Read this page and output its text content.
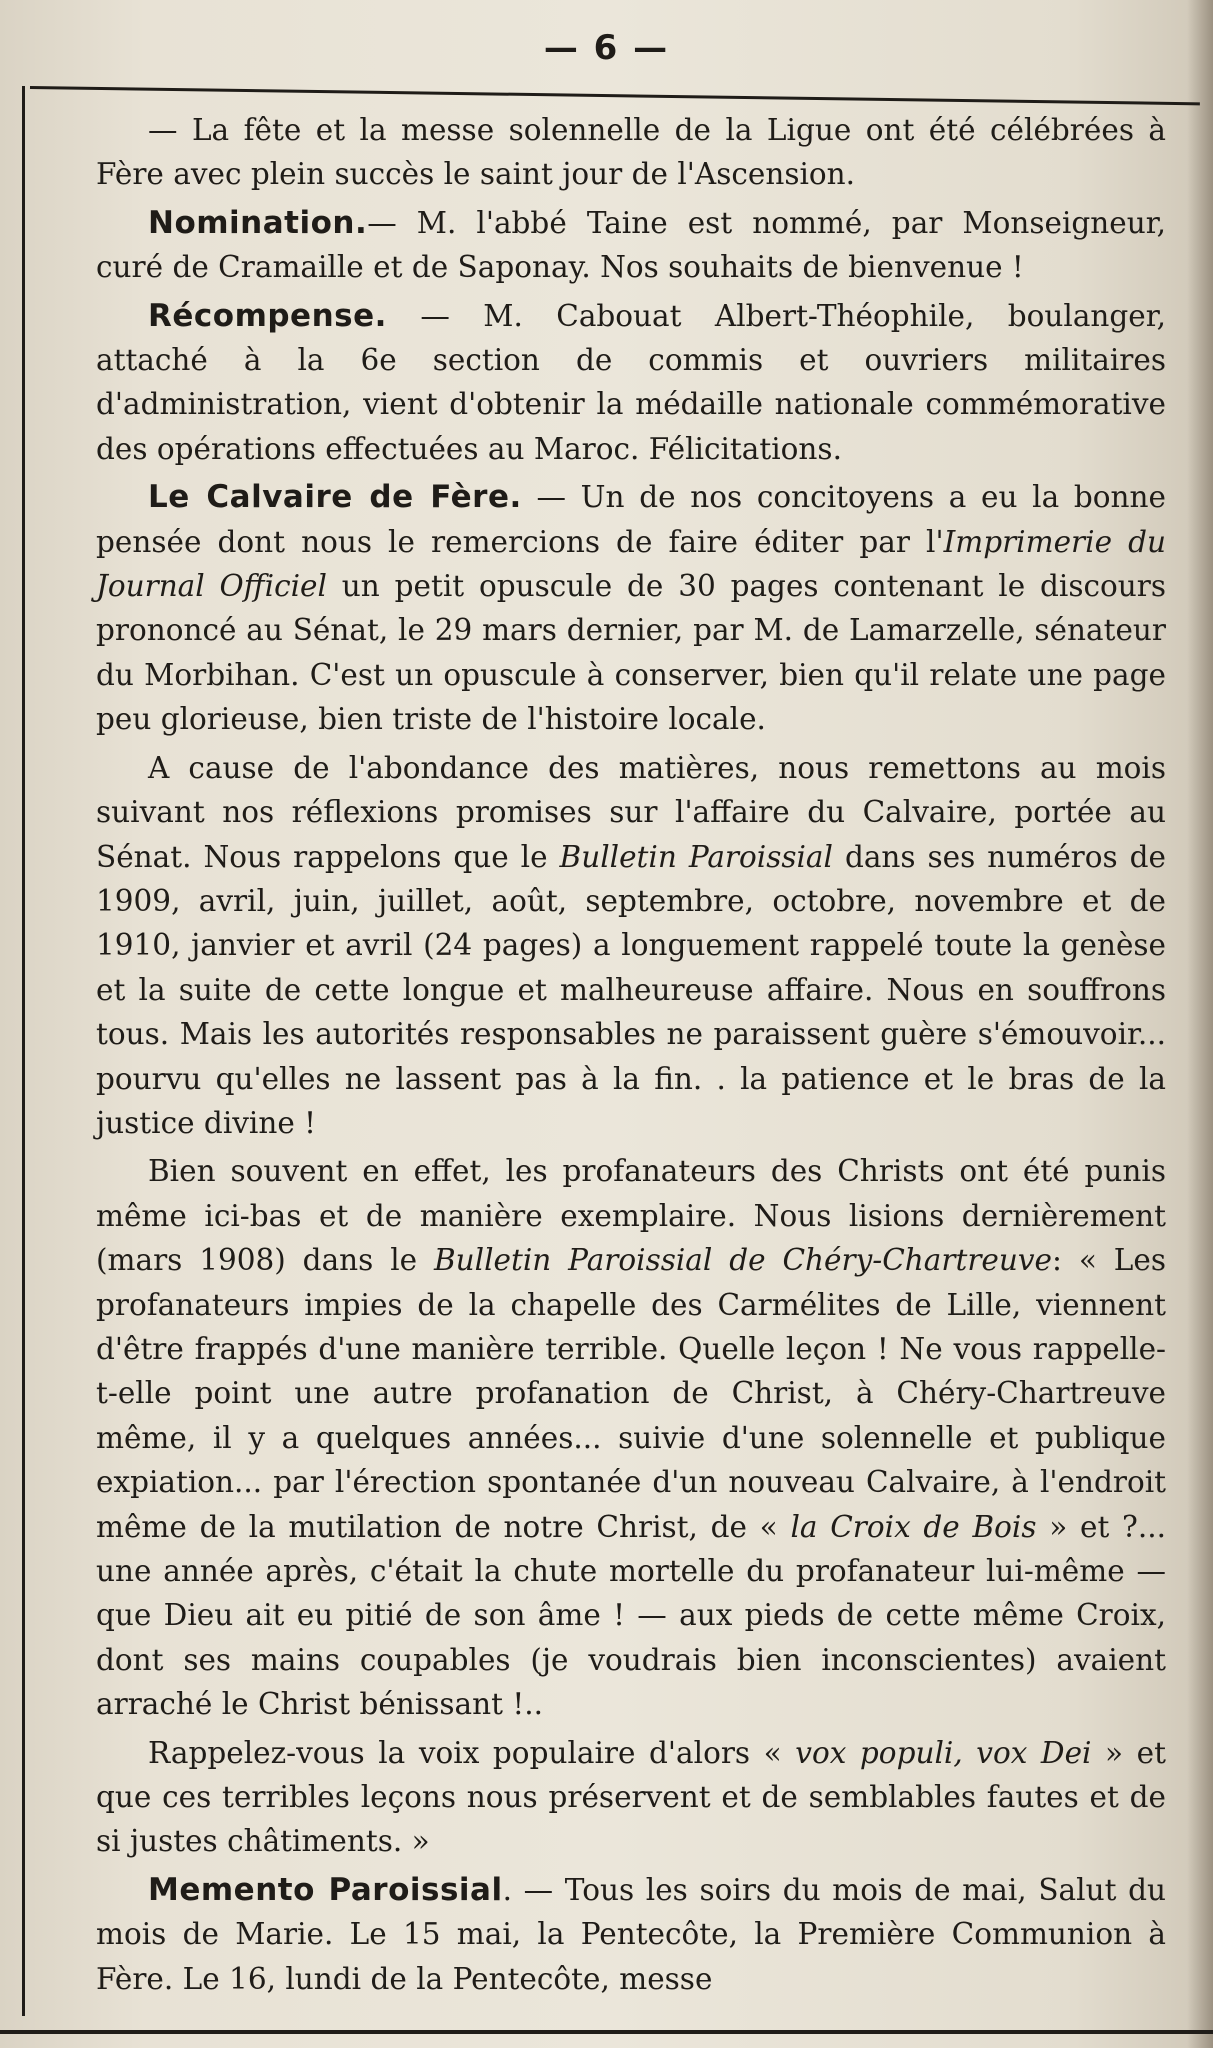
— 6 —

— La fête et la messe solennelle de la Ligue ont été célébrées à Fère avec plein succès le saint jour de l'Ascension.

Nomination.— M. l'abbé Taine est nommé, par Monseigneur, curé de Cramaille et de Saponay. Nos souhaits de bienvenue !

Récompense. — M. Cabouat Albert-Théophile, boulanger, attaché à la 6e section de commis et ouvriers militaires d'administration, vient d'obtenir la médaille nationale commémorative des opérations effectuées au Maroc. Félicitations.

Le Calvaire de Fère. — Un de nos concitoyens a eu la bonne pensée dont nous le remercions de faire éditer par l'Imprimerie du Journal Officiel un petit opuscule de 30 pages contenant le discours prononcé au Sénat, le 29 mars dernier, par M. de Lamarzelle, sénateur du Morbihan. C'est un opuscule à conserver, bien qu'il relate une page peu glorieuse, bien triste de l'histoire locale.

A cause de l'abondance des matières, nous remettons au mois suivant nos réflexions promises sur l'affaire du Calvaire, portée au Sénat. Nous rappelons que le Bulletin Paroissial dans ses numéros de 1909, avril, juin, juillet, août, septembre, octobre, novembre et de 1910, janvier et avril (24 pages) a longuement rappelé toute la genèse et la suite de cette longue et malheureuse affaire. Nous en souffrons tous. Mais les autorités responsables ne paraissent guère s'émouvoir... pourvu qu'elles ne lassent pas à la fin. . la patience et le bras de la justice divine !

Bien souvent en effet, les profanateurs des Christs ont été punis même ici-bas et de manière exemplaire. Nous lisions dernièrement (mars 1908) dans le Bulletin Paroissial de Chéry-Chartreuve: « Les profanateurs impies de la chapelle des Carmélites de Lille, viennent d'être frappés d'une manière terrible. Quelle leçon ! Ne vous rappelle-t-elle point une autre profanation de Christ, à Chéry-Chartreuve même, il y a quelques années... suivie d'une solennelle et publique expiation... par l'érection spontanée d'un nouveau Calvaire, à l'endroit même de la mutilation de notre Christ, de « la Croix de Bois » et ?... une année après, c'était la chute mortelle du profanateur lui-même — que Dieu ait eu pitié de son âme ! — aux pieds de cette même Croix, dont ses mains coupables (je voudrais bien inconscientes) avaient arraché le Christ bénissant !..

Rappelez-vous la voix populaire d'alors « vox populi, vox Dei » et que ces terribles leçons nous préservent et de semblables fautes et de si justes châtiments. »

Memento Paroissial. — Tous les soirs du mois de mai, Salut du mois de Marie. Le 15 mai, la Pentecôte, la Première Communion à Fère. Le 16, lundi de la Pentecôte, messe
